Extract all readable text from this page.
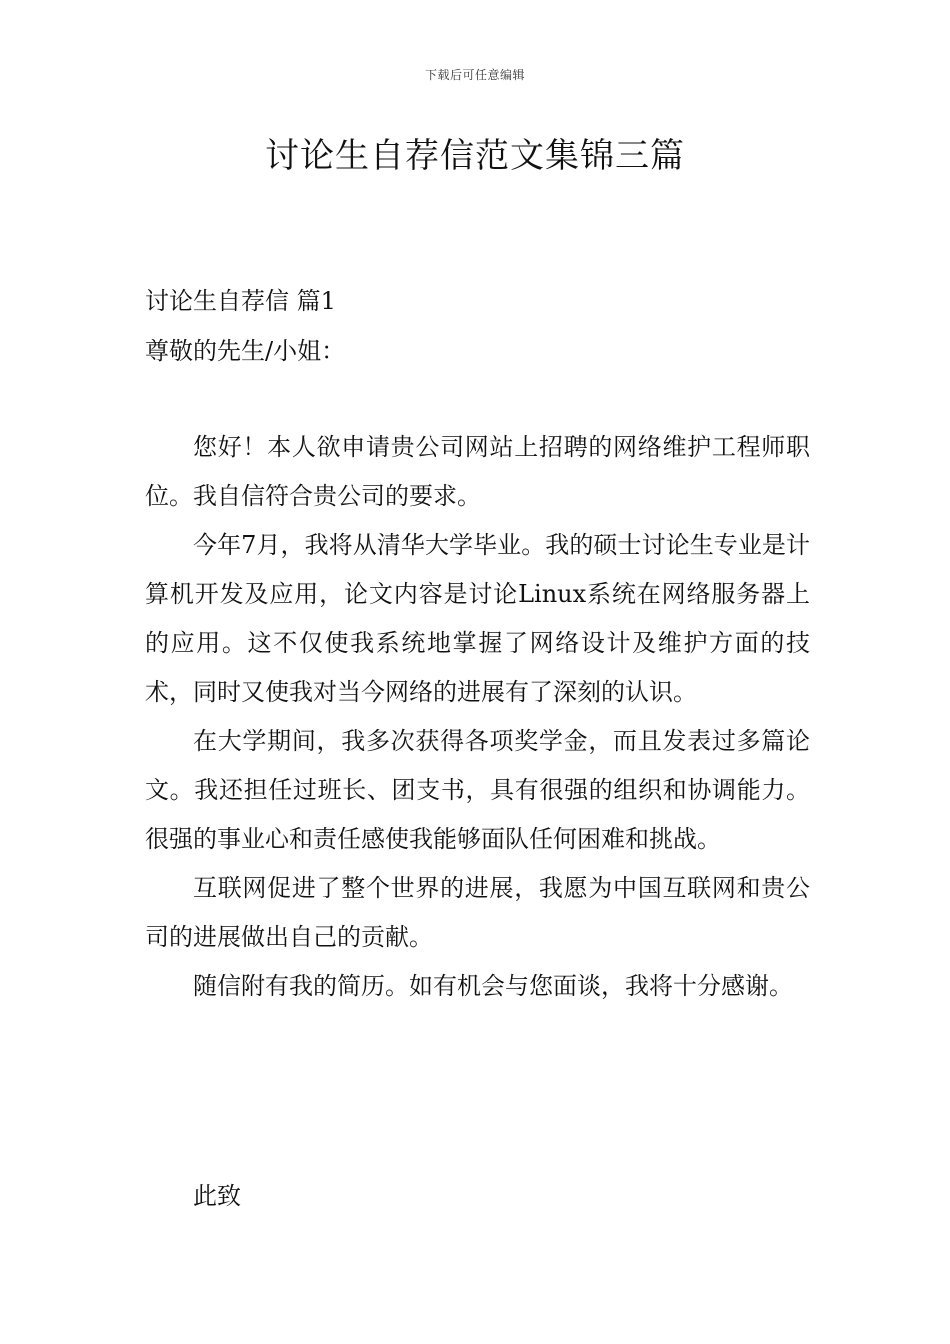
下载后可任意编辑
讨论生自荐信范文集锦三篇
讨论生自荐信 篇1
尊敬的先生/小姐：

您好！本人欲申请贵公司网站上招聘的网络维护工程师职位。我自信符合贵公司的要求。

今年7月，我将从清华大学毕业。我的硕士讨论生专业是计算机开发及应用，论文内容是讨论Linux系统在网络服务器上的应用。这不仅使我系统地掌握了网络设计及维护方面的技术，同时又使我对当今网络的进展有了深刻的认识。

在大学期间，我多次获得各项奖学金，而且发表过多篇论文。我还担任过班长、团支书，具有很强的组织和协调能力。很强的事业心和责任感使我能够面队任何困难和挑战。

互联网促进了整个世界的进展，我愿为中国互联网和贵公司的进展做出自己的贡献。

随信附有我的简历。如有机会与您面谈，我将十分感谢。

此致
